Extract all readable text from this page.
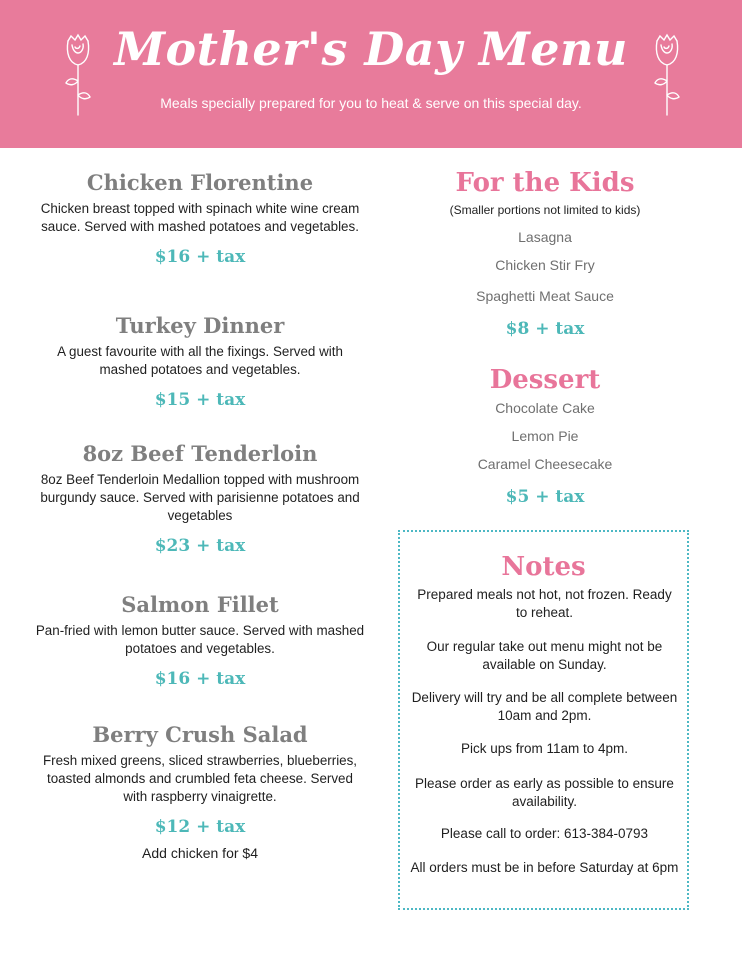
Mother's Day Menu
Meals specially prepared for you to heat & serve on this special day.
Chicken Florentine
Chicken breast topped with spinach white wine cream sauce. Served with mashed potatoes and vegetables.
$16 + tax
Turkey Dinner
A guest favourite with all the fixings. Served with mashed potatoes and vegetables.
$15 + tax
8oz Beef Tenderloin
8oz Beef Tenderloin Medallion topped with mushroom burgundy sauce. Served with parisienne potatoes and vegetables
$23 + tax
Salmon Fillet
Pan-fried with lemon butter sauce. Served with mashed potatoes and vegetables.
$16 + tax
Berry Crush Salad
Fresh mixed greens, sliced strawberries, blueberries, toasted almonds and crumbled feta cheese. Served with raspberry vinaigrette.
$12 + tax
Add chicken for $4
For the Kids
(Smaller portions not limited to kids)
Lasagna
Chicken Stir Fry
Spaghetti Meat Sauce
$8 + tax
Dessert
Chocolate Cake
Lemon Pie
Caramel Cheesecake
$5 + tax
Notes
Prepared meals not hot, not frozen. Ready to reheat.
Our regular take out menu might not be available on Sunday.
Delivery will try and be all complete between 10am and 2pm.
Pick ups from 11am to 4pm.
Please order as early as possible to ensure availability.
Please call to order: 613-384-0793
All orders must be in before Saturday at 6pm
